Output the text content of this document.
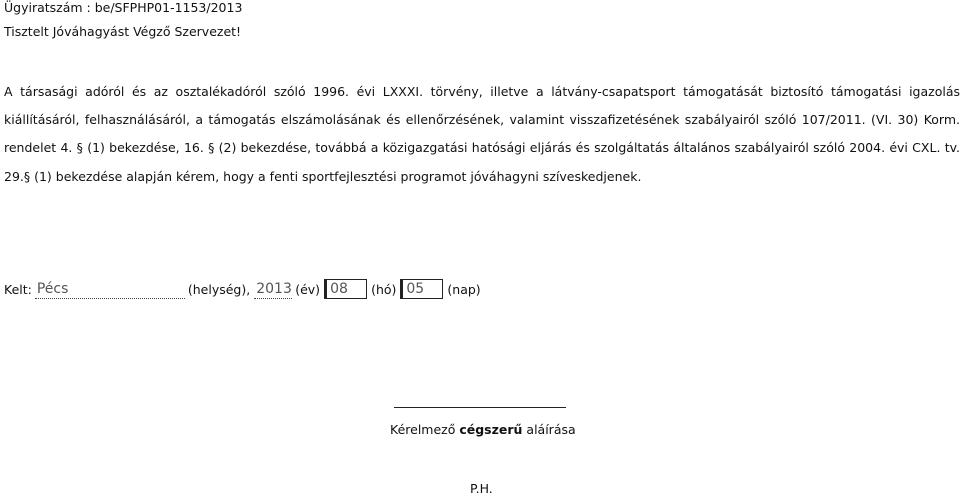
Ügyiratszám : be/SFPHP01-1153/2013
Tisztelt Jóváhagyást Végző Szervezet!
A társasági adóról és az osztalékadóról szóló 1996. évi LXXXI. törvény, illetve a látvány-csapatsport támogatását biztosító támogatási igazolás kiállításáról, felhasználásáról, a támogatás elszámolásának és ellenőrzésének, valamint visszafizetésének szabályairól szóló 107/2011. (VI. 30) Korm. rendelet 4. § (1) bekezdése, 16. § (2) bekezdése, továbbá a közigazgatási hatósági eljárás és szolgáltatás általános szabályairól szóló 2004. évi CXL. tv. 29.§ (1) bekezdése alapján kérem, hogy a fenti sportfejlesztési programot jóváhagyni szíveskedjenek.
Kelt: Pécs	(helység), 2013 (év) 08	(hó) 05	(nap)
Kérelmező cégszerű aláírása
P.H.
